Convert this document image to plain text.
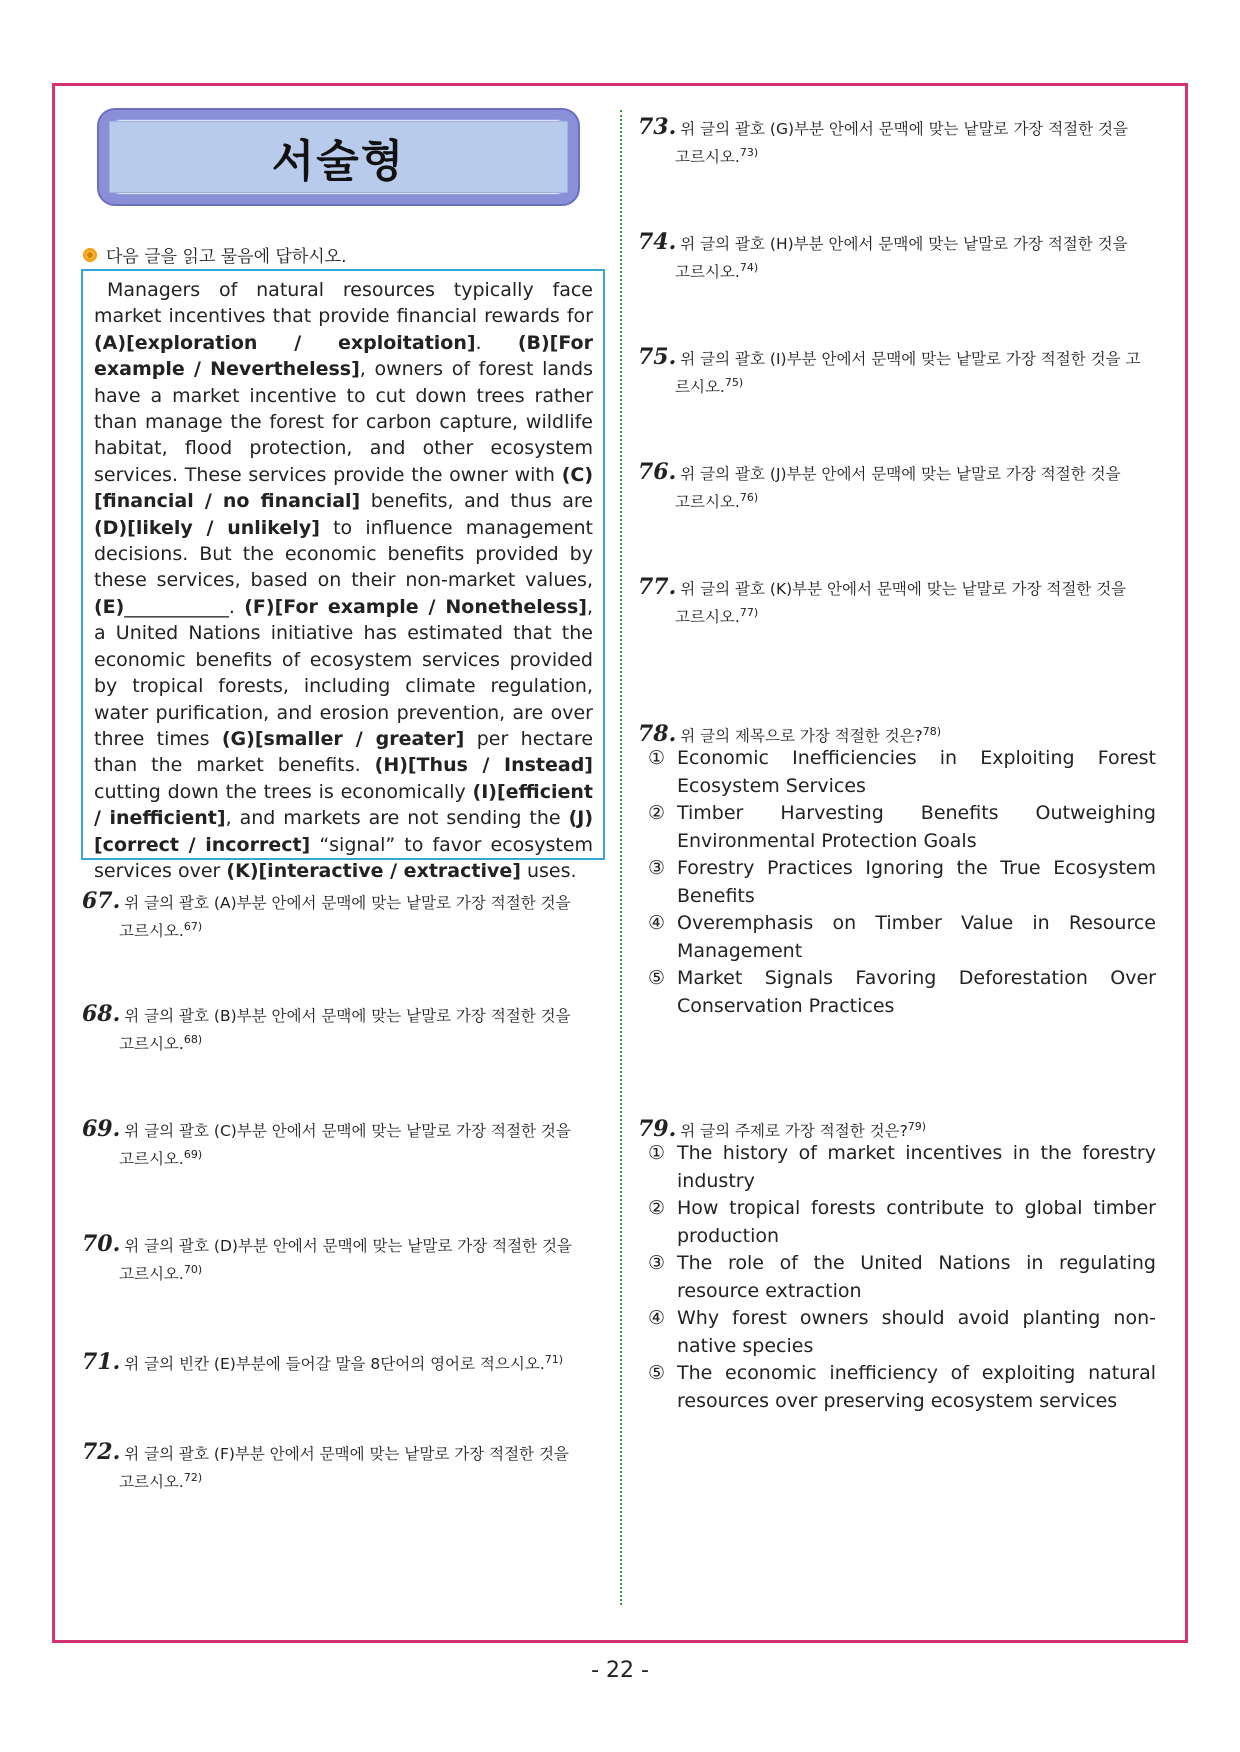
서술형
다음 글을 읽고 물음에 답하시오.
Managers of natural resources typically face market incentives that provide financial rewards for (A)[exploration / exploitation]. (B)[For example / Nevertheless], owners of forest lands have a market incentive to cut down trees rather than manage the forest for carbon capture, wildlife habitat, flood protection, and other ecosystem services. These services provide the owner with (C)[financial / no financial] benefits, and thus are (D)[likely / unlikely] to influence management decisions. But the economic benefits provided by these services, based on their non-market values, (E)___________. (F)[For example / Nonetheless], a United Nations initiative has estimated that the economic benefits of ecosystem services provided by tropical forests, including climate regulation, water purification, and erosion prevention, are over three times (G)[smaller / greater] per hectare than the market benefits. (H)[Thus / Instead] cutting down the trees is economically (I)[efficient / inefficient], and markets are not sending the (J)[correct / incorrect] “signal” to favor ecosystem services over (K)[interactive / extractive] uses.
67. 위 글의 괄호 (A)부분 안에서 문맥에 맞는 낱말로 가장 적절한 것을
고르시오.$^{67)}$
68. 위 글의 괄호 (B)부분 안에서 문맥에 맞는 낱말로 가장 적절한 것을
고르시오.$^{68)}$
69. 위 글의 괄호 (C)부분 안에서 문맥에 맞는 낱말로 가장 적절한 것을
고르시오.$^{69)}$
70. 위 글의 괄호 (D)부분 안에서 문맥에 맞는 낱말로 가장 적절한 것을
고르시오.$^{70)}$
71. 위 글의 빈칸 (E)부분에 들어갈 말을 8단어의 영어로 적으시오.$^{71)}$
72. 위 글의 괄호 (F)부분 안에서 문맥에 맞는 낱말로 가장 적절한 것을
고르시오.$^{72)}$
73. 위 글의 괄호 (G)부분 안에서 문맥에 맞는 낱말로 가장 적절한 것을
고르시오.$^{73)}$
74. 위 글의 괄호 (H)부분 안에서 문맥에 맞는 낱말로 가장 적절한 것을
고르시오.$^{74)}$
75. 위 글의 괄호 (I)부분 안에서 문맥에 맞는 낱말로 가장 적절한 것을 고
르시오.$^{75)}$
76. 위 글의 괄호 (J)부분 안에서 문맥에 맞는 낱말로 가장 적절한 것을
고르시오.$^{76)}$
77. 위 글의 괄호 (K)부분 안에서 문맥에 맞는 낱말로 가장 적절한 것을
고르시오.$^{77)}$
78. 위 글의 제목으로 가장 적절한 것은?$^{78)}$
① Economic Inefficiencies in Exploiting Forest Ecosystem Services
② Timber Harvesting Benefits Outweighing Environmental Protection Goals
③ Forestry Practices Ignoring the True Ecosystem Benefits
④ Overemphasis on Timber Value in Resource Management
⑤ Market Signals Favoring Deforestation Over Conservation Practices
79. 위 글의 주제로 가장 적절한 것은?$^{79)}$
① The history of market incentives in the forestry industry
② How tropical forests contribute to global timber production
③ The role of the United Nations in regulating resource extraction
④ Why forest owners should avoid planting non-native species
⑤ The economic inefficiency of exploiting natural resources over preserving ecosystem services
- 22 -
